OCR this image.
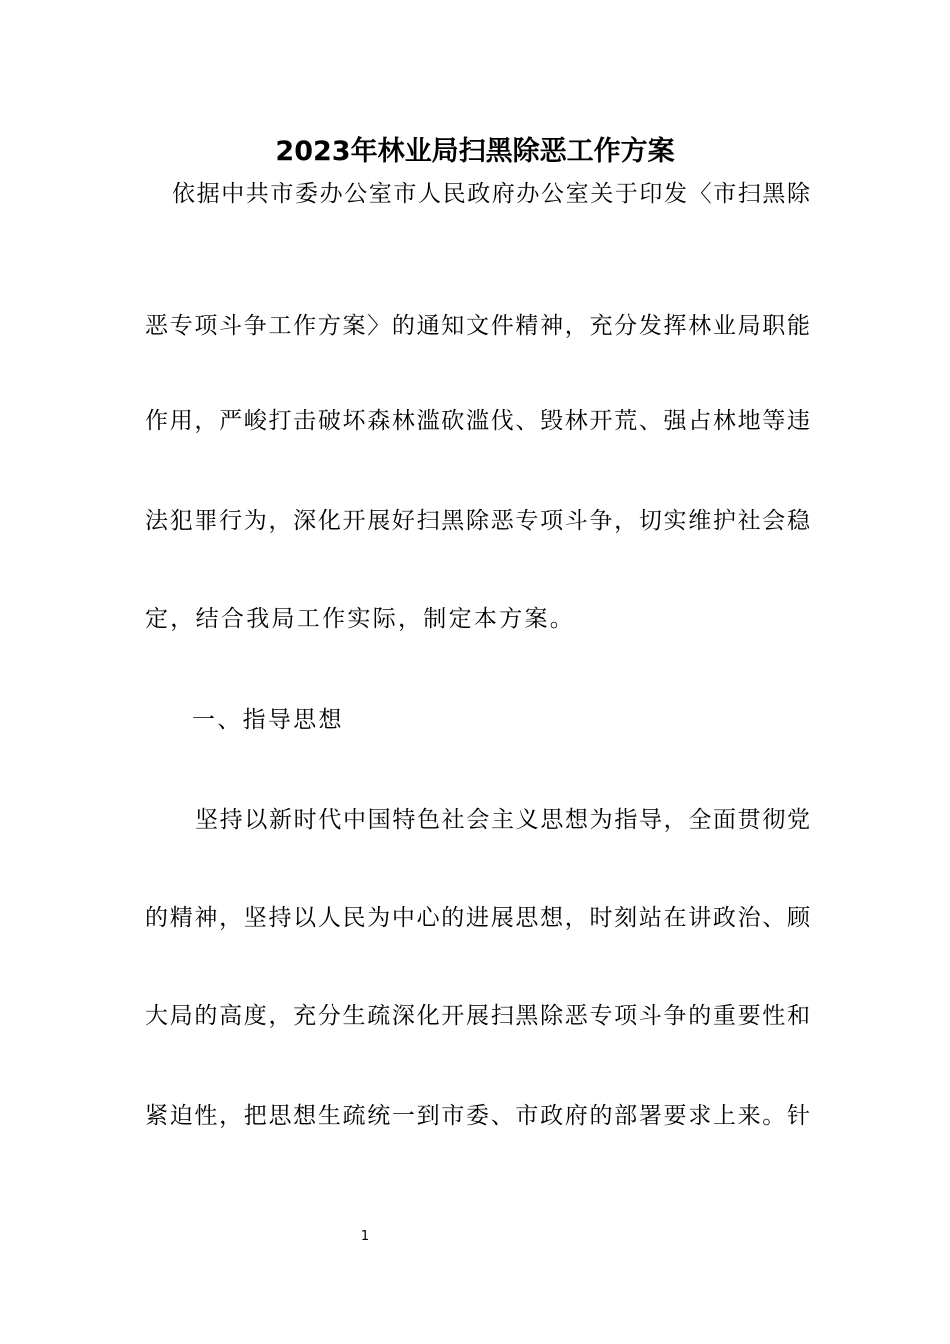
2023年林业局扫黑除恶工作方案
依据中共市委办公室市人民政府办公室关于印发〈市扫黑除
恶专项斗争工作方案〉的通知文件精神，充分发挥林业局职能
作用，严峻打击破坏森林滥砍滥伐、毁林开荒、强占林地等违
法犯罪行为，深化开展好扫黑除恶专项斗争，切实维护社会稳
定，结合我局工作实际，制定本方案。
一、指导思想
坚持以新时代中国特色社会主义思想为指导，全面贯彻党
的精神，坚持以人民为中心的进展思想，时刻站在讲政治、顾
大局的高度，充分生疏深化开展扫黑除恶专项斗争的重要性和
紧迫性，把思想生疏统一到市委、市政府的部署要求上来。针
1
